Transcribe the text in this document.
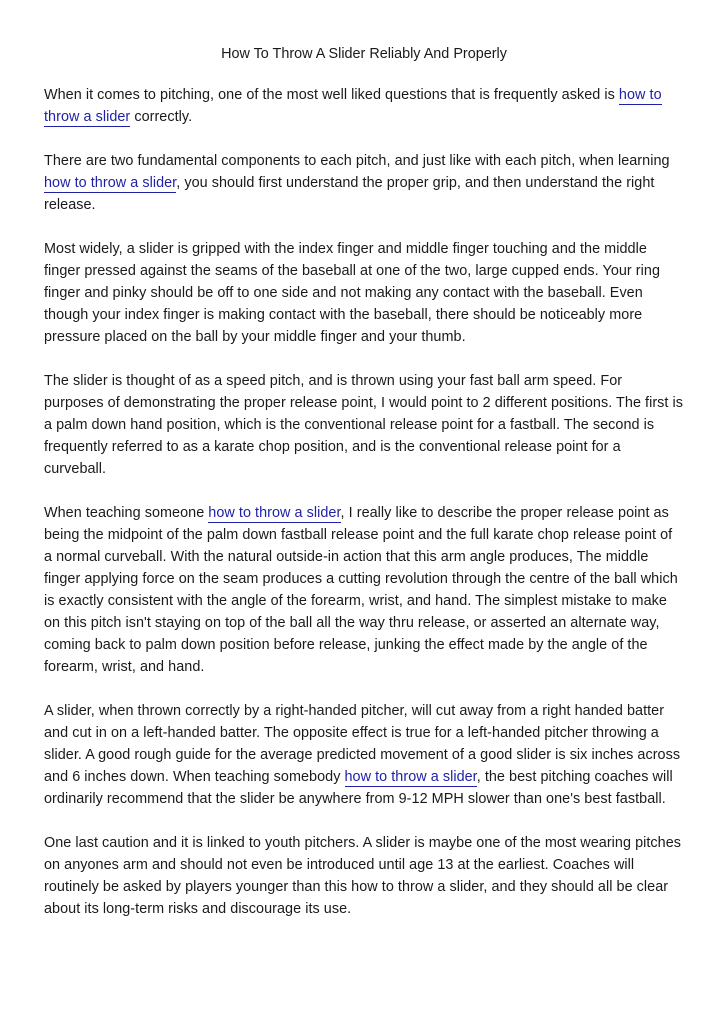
How To Throw A Slider Reliably And Properly

When it comes to pitching, one of the most well liked questions that is frequently asked is how to throw a slider correctly.

There are two fundamental components to each pitch, and just like with each pitch, when learning how to throw a slider, you should first understand the proper grip, and then understand the right release.

Most widely, a slider is gripped with the index finger and middle finger touching and the middle finger pressed against the seams of the baseball at one of the two, large cupped ends. Your ring finger and pinky should be off to one side and not making any contact with the baseball. Even though your index finger is making contact with the baseball, there should be noticeably more pressure placed on the ball by your middle finger and your thumb.

The slider is thought of as a speed pitch, and is thrown using your fast ball arm speed. For purposes of demonstrating the proper release point, I would point to 2 different positions. The first is a palm down hand position, which is the conventional release point for a fastball. The second is frequently referred to as a karate chop position, and is the conventional release point for a curveball.

When teaching someone how to throw a slider, I really like to describe the proper release point as being the midpoint of the palm down fastball release point and the full karate chop release point of a normal curveball. With the natural outside-in action that this arm angle produces, The middle finger applying force on the seam produces a cutting revolution through the centre of the ball which is exactly consistent with the angle of the forearm, wrist, and hand. The simplest mistake to make on this pitch isn't staying on top of the ball all the way thru release, or asserted an alternate way, coming back to palm down position before release, junking the effect made by the angle of the forearm, wrist, and hand.

A slider, when thrown correctly by a right-handed pitcher, will cut away from a right handed batter and cut in on a left-handed batter. The opposite effect is true for a left-handed pitcher throwing a slider. A good rough guide for the average predicted movement of a good slider is six inches across and 6 inches down. When teaching somebody how to throw a slider, the best pitching coaches will ordinarily recommend that the slider be anywhere from 9-12 MPH slower than one's best fastball.

One last caution and it is linked to youth pitchers. A slider is maybe one of the most wearing pitches on anyones arm and should not even be introduced until age 13 at the earliest. Coaches will routinely be asked by players younger than this how to throw a slider, and they should all be clear about its long-term risks and discourage its use.
